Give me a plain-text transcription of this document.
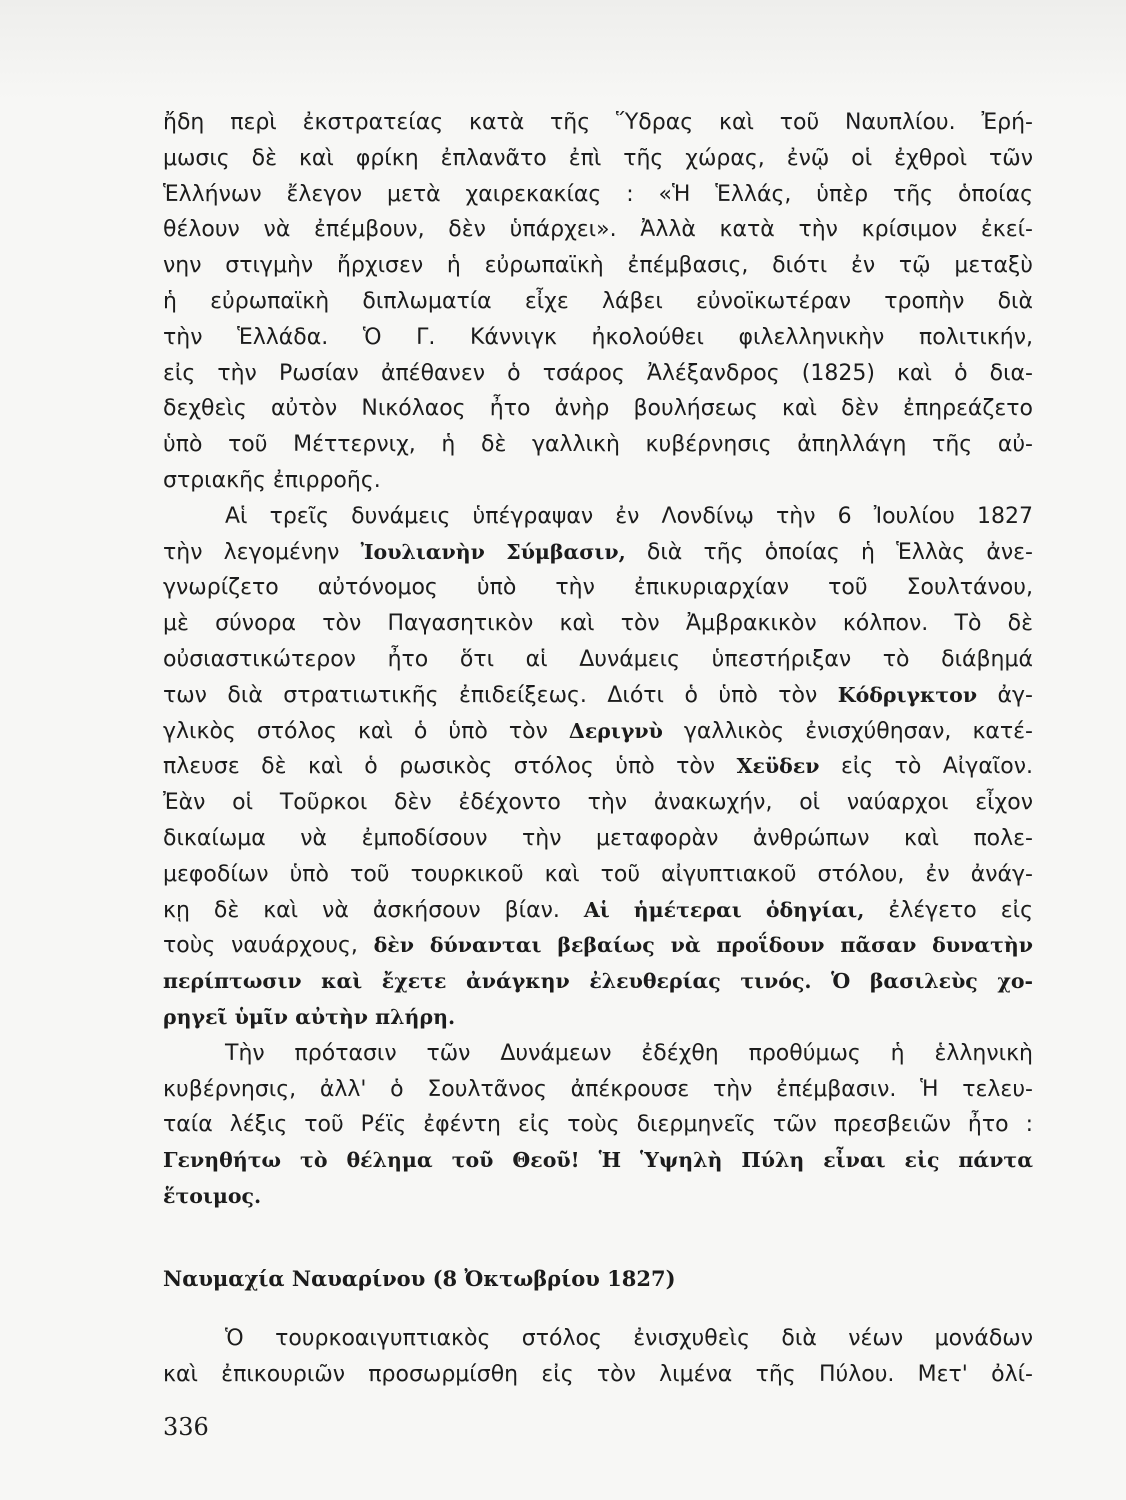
ἤδη περὶ ἐκστρατείας κατὰ τῆς Ὕδρας καὶ τοῦ Ναυπλίου. Ἐρή-
μωσις δὲ καὶ φρίκη ἐπλανᾶτο ἐπὶ τῆς χώρας, ἐνῷ οἱ ἐχθροὶ τῶν
Ἑλλήνων ἔλεγον μετὰ χαιρεκακίας : «Ἡ Ἑλλάς, ὑπὲρ τῆς ὁποίας
θέλουν νὰ ἐπέμβουν, δὲν ὑπάρχει». Ἀλλὰ κατὰ τὴν κρίσιμον ἐκεί-
νην στιγμὴν ἤρχισεν ἡ εὐρωπαϊκὴ ἐπέμβασις, διότι ἐν τῷ μεταξὺ
ἡ εὐρωπαϊκὴ διπλωματία εἶχε λάβει εὐνοϊκωτέραν τροπὴν διὰ
τὴν Ἑλλάδα. Ὁ Γ. Κάννιγκ ἠκολούθει φιλελληνικὴν πολιτικήν,
εἰς τὴν Ρωσίαν ἀπέθανεν ὁ τσάρος Ἀλέξανδρος (1825) καὶ ὁ δια-
δεχθεὶς αὐτὸν Νικόλαος ἦτο ἀνὴρ βουλήσεως καὶ δὲν ἐπηρεάζετο
ὑπὸ τοῦ Μέττερνιχ, ἡ δὲ γαλλικὴ κυβέρνησις ἀπηλλάγη τῆς αὐ-
στριακῆς ἐπιρροῆς.
Αἱ τρεῖς δυνάμεις ὑπέγραψαν ἐν Λονδίνῳ τὴν 6 Ἰουλίου 1827
τὴν λεγομένην Ἰουλιανὴν Σύμβασιν, διὰ τῆς ὁποίας ἡ Ἑλλὰς ἀνε-
γνωρίζετο αὐτόνομος ὑπὸ τὴν ἐπικυριαρχίαν τοῦ Σουλτάνου,
μὲ σύνορα τὸν Παγασητικὸν καὶ τὸν Ἀμβρακικὸν κόλπον. Τὸ δὲ
οὐσιαστικώτερον ἦτο ὅτι αἱ Δυνάμεις ὑπεστήριξαν τὸ διάβημά
των διὰ στρατιωτικῆς ἐπιδείξεως. Διότι ὁ ὑπὸ τὸν Κόδριγκτον ἀγ-
γλικὸς στόλος καὶ ὁ ὑπὸ τὸν Δεριγνὺ γαλλικὸς ἐνισχύθησαν, κατέ-
πλευσε δὲ καὶ ὁ ρωσικὸς στόλος ὑπὸ τὸν Χεϋδεν εἰς τὸ Αἰγαῖον.
Ἐὰν οἱ Τοῦρκοι δὲν ἐδέχοντο τὴν ἀνακωχήν, οἱ ναύαρχοι εἶχον
δικαίωμα νὰ ἐμποδίσουν τὴν μεταφορὰν ἀνθρώπων καὶ πολε-
μεφοδίων ὑπὸ τοῦ τουρκικοῦ καὶ τοῦ αἰγυπτιακοῦ στόλου, ἐν ἀνάγ-
κῃ δὲ καὶ νὰ ἀσκήσουν βίαν. Αἱ ἡμέτεραι ὁδηγίαι, ἐλέγετο εἰς
τοὺς ναυάρχους, δὲν δύνανται βεβαίως νὰ προΐδουν πᾶσαν δυνατὴν
περίπτωσιν καὶ ἔχετε ἀνάγκην ἐλευθερίας τινός. Ὁ βασιλεὺς χο-
ρηγεῖ ὑμῖν αὐτὴν πλήρη.
Τὴν πρότασιν τῶν Δυνάμεων ἐδέχθη προθύμως ἡ ἑλληνικὴ
κυβέρνησις, ἀλλ' ὁ Σουλτᾶνος ἀπέκρουσε τὴν ἐπέμβασιν. Ἡ τελευ-
ταία λέξις τοῦ Ρέϊς ἐφέντη εἰς τοὺς διερμηνεῖς τῶν πρεσβειῶν ἦτο :
Γενηθήτω τὸ θέλημα τοῦ Θεοῦ! Ἡ Ὑψηλὴ Πύλη εἶναι εἰς πάντα
ἕτοιμος.
Ναυμαχία Ναυαρίνου (8 Ὀκτωβρίου 1827)
Ὁ τουρκοαιγυπτιακὸς στόλος ἐνισχυθεὶς διὰ νέων μονάδων
καὶ ἐπικουριῶν προσωρμίσθη εἰς τὸν λιμένα τῆς Πύλου. Μετ' ὀλί-
336
